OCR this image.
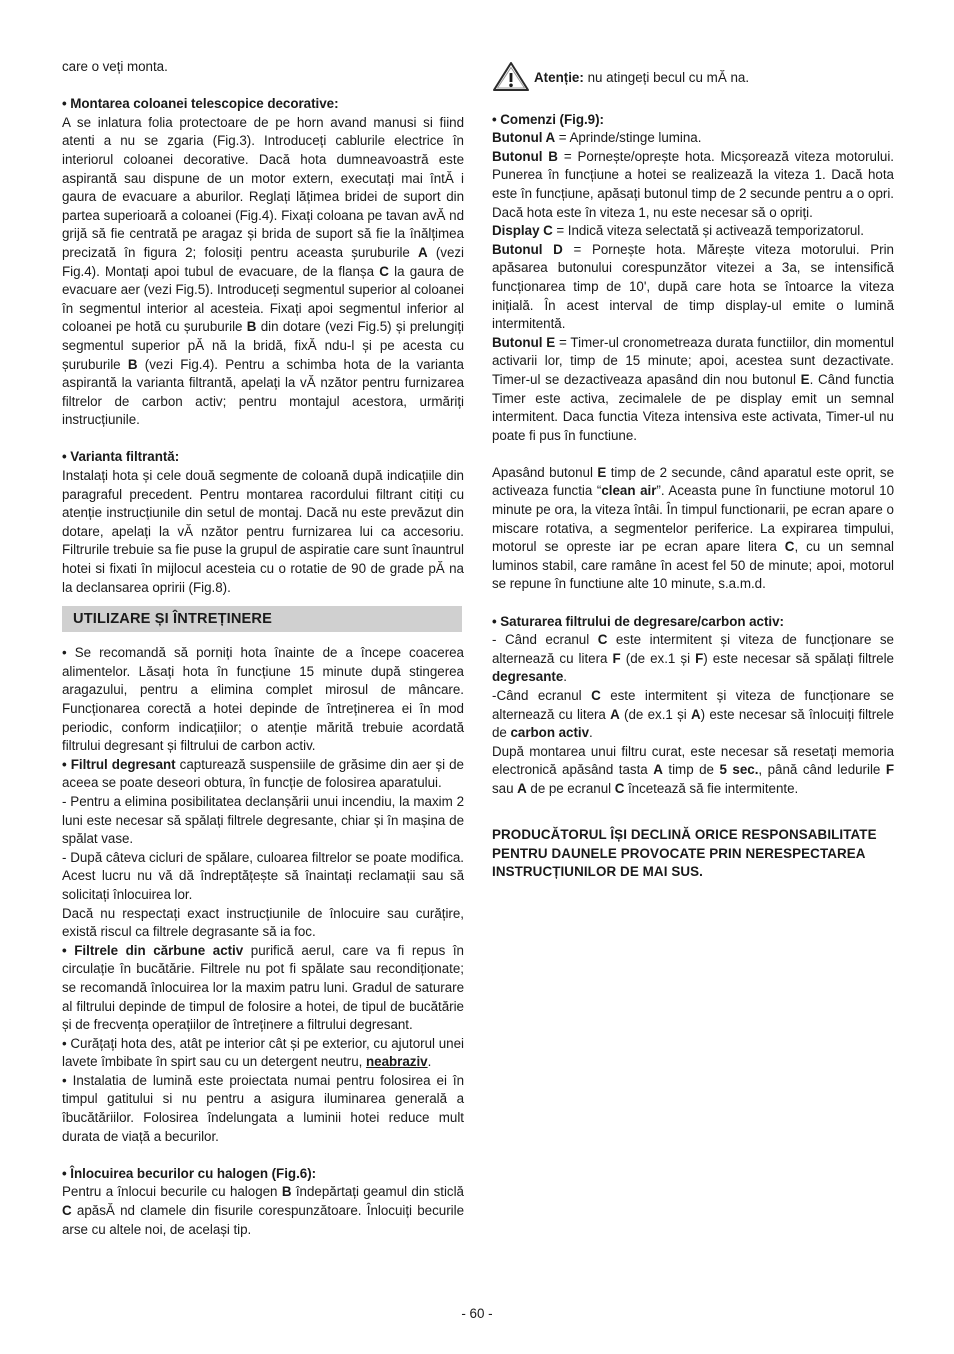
care o veți monta.

• Montarea coloanei telescopice decorative:

A se inlatura folia protectoare de pe horn avand manusi si fiind atenti a nu se zgaria (Fig.3). Introduceți cablurile electrice în interiorul coloanei decorative. Dacă hota dumneavoastră este aspirantă sau dispune de un motor extern, executați mai întĂ i gaura de evacuare a aburilor. Reglați lățimea bridei de suport din partea superioară a coloanei (Fig.4). Fixați coloana pe tavan avĂ nd grijă să fie centrată pe aragaz și brida de suport să fie la înălțimea precizată în figura 2; folosiți pentru aceasta șuruburile A (vezi Fig.4). Montați apoi tubul de evacuare, de la flanșa C la gaura de evacuare aer (vezi Fig.5). Introduceți segmentul superior al coloanei în segmentul interior al acesteia. Fixați apoi segmentul inferior al coloanei pe hotă cu șuruburile B din dotare (vezi Fig.5) și prelungiți segmentul superior pĂ nă la bridă, fixĂ ndu-l și pe acesta cu șuruburile B (vezi Fig.4). Pentru a schimba hota de la varianta aspirantă la varianta filtrantă, apelați la vĂ nzător pentru furnizarea filtrelor de carbon activ; pentru montajul acestora, urmăriți instrucțiunile.

• Varianta filtrantă:

Instalați hota și cele două segmente de coloană după indicațiile din paragraful precedent. Pentru montarea racordului filtrant citiți cu atenție instrucțiunile din setul de montaj. Dacă nu este prevăzut din dotare, apelați la vĂ nzător pentru furnizarea lui ca accesoriu. Filtrurile trebuie sa fie puse la grupul de aspiratie care sunt înauntrul hotei si fixati în mijlocul acesteia cu o rotatie de 90 de grade pĂ na la declansarea opririi (Fig.8).

UTILIZARE ȘI ÎNTREȚINERE

• Se recomandă să porniți hota înainte de a începe coacerea alimentelor. Lăsați hota în funcțiune 15 minute după stingerea aragazului, pentru a elimina complet mirosul de mâncare. Funcționarea corectă a hotei depinde de întreținerea ei în mod periodic, conform indicațiilor; o atenție mărită trebuie acordată filtrului degresant și filtrului de carbon activ.

• Filtrul degresant capturează suspensiile de grăsime din aer și de aceea se poate deseori obtura, în funcție de folosirea aparatului.

- Pentru a elimina posibilitatea declanșării unui incendiu, la maxim 2 luni este necesar să spălați filtrele degresante, chiar și în mașina de spălat vase.

- După câteva cicluri de spălare, culoarea filtrelor se poate modifica. Acest lucru nu vă dă îndreptățește să înaintați reclamații sau să solicitați înlocuirea lor.

Dacă nu respectați exact instrucțiunile de înlocuire sau curățire, există riscul ca filtrele degrasante să ia foc.

• Filtrele din cărbune activ purifică aerul, care va fi repus în circulație în bucătărie. Filtrele nu pot fi spălate sau recondiționate; se recomandă înlocuirea lor la maxim patru luni. Gradul de saturare al filtrului depinde de timpul de folosire a hotei, de tipul de bucătărie și de frecvența operațiilor de întreținere a filtrului degresant.

• Curățați hota des, atât pe interior cât și pe exterior, cu ajutorul unei lavete îmbibate în spirt sau cu un detergent neutru, neabraziv.

• Instalatia de lumină este proiectata numai pentru folosirea ei în timpul gatitului si nu pentru a asigura iluminarea generală a îbucătăriilor. Folosirea îndelungata a luminii hotei reduce mult durata de viață a becurilor.

• Înlocuirea becurilor cu halogen (Fig.6):

Pentru a înlocui becurile cu halogen B îndepărtați geamul din sticlă C apăsĂ nd clamele din fisurile corespunzătoare. Înlocuiți becurile arse cu altele noi, de același tip.

Atenție: nu atingeți becul cu mĂ na.

• Comenzi (Fig.9):

Butonul A = Aprinde/stinge lumina.

Butonul B = Pornește/oprește hota. Micșorează viteza motorului. Punerea în funcțiune a hotei se realizează la viteza 1. Dacă hota este în funcțiune, apăsați butonul timp de 2 secunde pentru a o opri. Dacă hota este în viteza 1, nu este necesar să o opriți.

Display C = Indică viteza selectată și activează temporizatorul.

Butonul D = Pornește hota. Mărește viteza motorului. Prin apăsarea butonului corespunzător vitezei a 3a, se intensifică funcționarea timp de 10', după care hota se întoarce la viteza inițială. În acest interval de timp display-ul emite o lumină intermitentă.

Butonul E = Timer-ul cronometreaza durata functiilor, din momentul activarii lor, timp de 15 minute; apoi, acestea sunt dezactivate. Timer-ul se dezactiveaza apasând din nou butonul E. Când functia Timer este activa, zecimalele de pe display emit un semnal intermitent. Daca functia Viteza intensiva este activata, Timer-ul nu poate fi pus în functiune.

Apasând butonul E timp de 2 secunde, când aparatul este oprit, se activeaza functia “clean air”. Aceasta pune în functiune motorul 10 minute pe ora, la viteza întâi. În timpul functionarii, pe ecran apare o miscare rotativa, a segmentelor periferice. La expirarea timpului, motorul se opreste iar pe ecran apare litera C, cu un semnal luminos stabil, care ramâne în acest fel 50 de minute; apoi, motorul se repune în functiune alte 10 minute, s.a.m.d.

• Saturarea filtrului de degresare/carbon activ:

- Când ecranul C este intermitent și viteza de funcționare se alternează cu litera F (de ex.1 și F) este necesar să spălați filtrele degresante.

-Când ecranul C este intermitent și viteza de funcționare se alternează cu litera A (de ex.1 și A) este necesar să înlocuiți filtrele de carbon activ.

După montarea unui filtru curat, este necesar să resetați memoria electronică apăsând tasta A timp de 5 sec., până când ledurile F sau A de pe ecranul C încetează să fie intermitente.

PRODUCĂTORUL ÎȘI DECLINĂ ORICE RESPONSABILITATE
PENTRU DAUNELE PROVOCATE PRIN NERESPECTAREA
INSTRUCȚIUNILOR DE MAI SUS.
- 60 -
